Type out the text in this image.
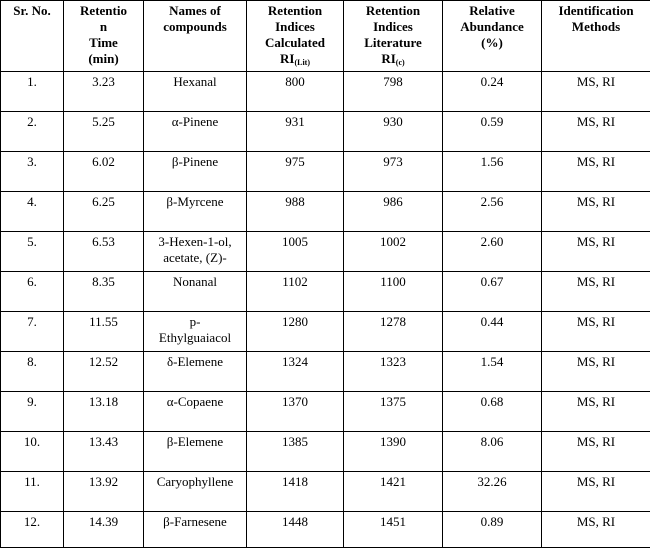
Sr. No.	Retentio
n
Time
(min)	Names of
compounds	Retention
Indices
Calculated
$RI_{(Lit)}$	Retention
Indices
Literature
$RI_{(c)}$	Relative
Abundance
(%)	Identification
Methods
1.	3.23	Hexanal	800	798	0.24	MS, RI
2.	5.25	α-Pinene	931	930	0.59	MS, RI
3.	6.02	β-Pinene	975	973	1.56	MS, RI
4.	6.25	β-Myrcene	988	986	2.56	MS, RI
5.	6.53	3-Hexen-1-ol,
acetate, (Z)-	1005	1002	2.60	MS, RI
6.	8.35	Nonanal	1102	1100	0.67	MS, RI
7.	11.55	p-
Ethylguaiacol	1280	1278	0.44	MS, RI
8.	12.52	δ-Elemene	1324	1323	1.54	MS, RI
9.	13.18	α-Copaene	1370	1375	0.68	MS, RI
10.	13.43	β-Elemene	1385	1390	8.06	MS, RI
11.	13.92	Caryophyllene	1418	1421	32.26	MS, RI
12.	14.39	β-Farnesene	1448	1451	0.89	MS, RI
